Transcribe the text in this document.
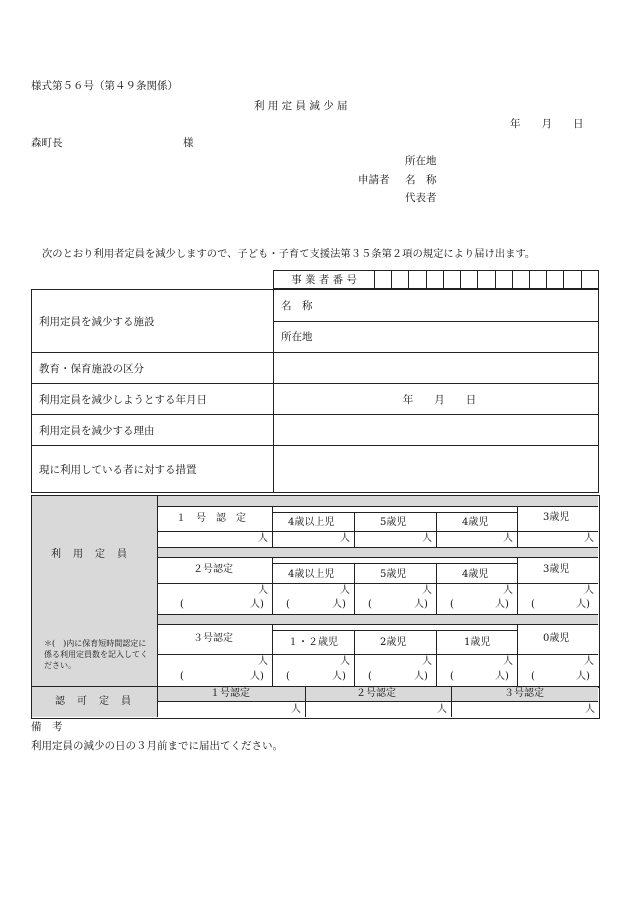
様式第５６号（第４９条関係）
利 用 定 員 減 少 届
年　　月　　日
森町長	様
所在地
申請者 名　称
代表者
次のとおり利用者定員を減少しますので、子ども・子育て支援法第３５条第２項の規定により届け出ます。
事 業 者 番 号													
利用定員を減少する施設	名　称
	所在地
教育・保育施設の区分	
利用定員を減少しようとする年月日	年　　月　　日
利用定員を減少する理由	
現に利用している者に対する措置	
利　用　定　員
＊(　)内に保育短時間認定に係る利用定員数を記入してください。
１　号　認　定	4歳以上児	5歳児	4歳児	3歳児
人	人	人	人	人
２号認定	4歳以上児	5歳児	4歳児	3歳児
人	人	人	人	人
(	人) (	人) (	人) (	人) (	人)
３号認定	１・２歳児	2歳児	1歳児	0歳児
人	人	人	人	人
(	人) (	人) (	人) (	人) (	人)
認　可　定　員
１号認定	２号認定	３号認定
人	人	人
備　考
利用定員の減少の日の３月前までに届出てください。
